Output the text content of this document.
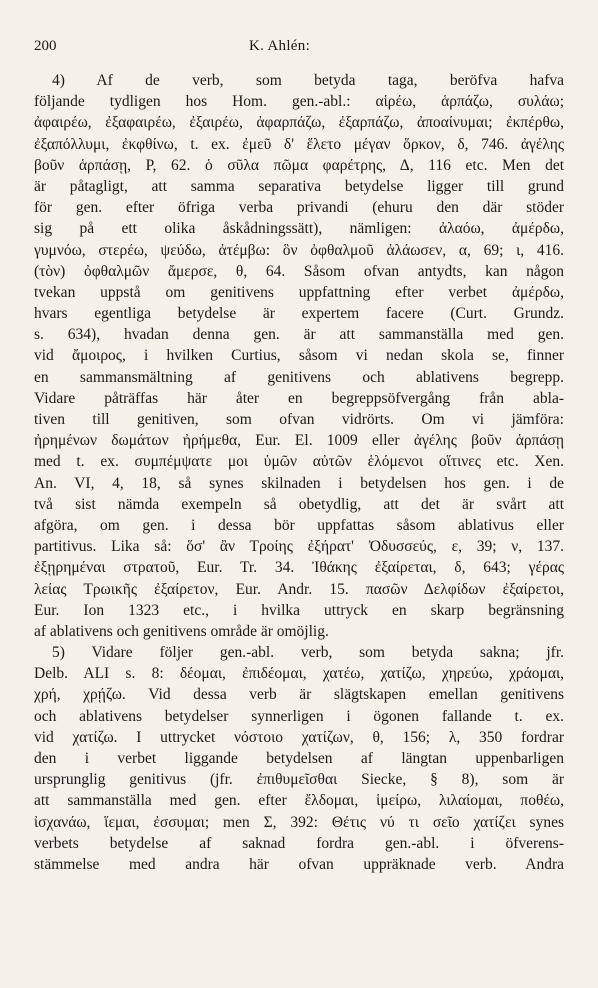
200	K. Ahlén:
4) Af de verb, som betyda taga, beröfva hafva
följande tydligen hos Hom. gen.-abl.: αἱρέω, ἁρπάζω, συλάω;
ἀφαιρέω, ἐξαφαιρέω, ἐξαιρέω, ἀφαρπάζω, ἐξαρπάζω, ἀποαίνυμαι; ἐκπέρθω,
ἐξαπόλλυμι, ἐκφθίνω, t. ex. ἐμεῦ δ' ἕλετο μέγαν ὅρκον, δ, 746. ἀγέλης
βοῦν ἁρπάσῃ, P, 62. ὁ σῦλα πῶμα φαρέτρης, Δ, 116 etc. Men det
är påtagligt, att samma separativa betydelse ligger till grund
för gen. efter öfriga verba privandi (ehuru den där stöder
sig på ett olika åskådningssätt), nämligen: ἀλαόω, ἀμέρδω,
γυμνόω, στερέω, ψεύδω, ἀτέμβω: ὃν ὀφθαλμοῦ ἀλάωσεν, α, 69; ι, 416.
(τὸν) ὀφθαλμῶν ἄμερσε, θ, 64. Såsom ofvan antydts, kan någon
tvekan uppstå om genitivens uppfattning efter verbet ἀμέρδω,
hvars egentliga betydelse är expertem facere (Curt. Grundz.
s. 634), hvadan denna gen. är att sammanställa med gen.
vid ἄμοιρος, i hvilken Curtius, såsom vi nedan skola se, finner
en sammansmältning af genitivens och ablativens begrepp.
Vidare påträffas här åter en begreppsöfvergång från abla-
tiven till genitiven, som ofvan vidrörts. Om vi jämföra:
ἠρημένων δωμάτων ἠρήμεθα, Eur. El. 1009 eller ἀγέλης βοῦν ἁρπάσῃ
med t. ex. συμπέμψατε μοι ὑμῶν αὐτῶν ἑλόμενοι οἵτινες etc. Xen.
An. VI, 4, 18, så synes skilnaden i betydelsen hos gen. i de
två sist nämda exempeln så obetydlig, att det är svårt att
afgöra, om gen. i dessa bör uppfattas såsom ablativus eller
partitivus. Lika så: ὅσ' ἂν Τροίης ἐξήρατ' Ὀδυσσεύς, ε, 39; ν, 137.
ἐξῃρημέναι στρατοῦ, Eur. Tr. 34. Ἰθάκης ἐξαίρεται, δ, 643; γέρας
λείας Τρωικῆς ἐξαίρετον, Eur. Andr. 15. πασῶν Δελφίδων ἐξαίρετοι,
Eur. Ion 1323 etc., i hvilka uttryck en skarp begränsning
af ablativens och genitivens område är omöjlig.
5) Vidare följer gen.-abl. verb, som betyda sakna; jfr.
Delb. ALI s. 8: δέομαι, ἐπιδέομαι, χατέω, χατίζω, χηρεύω, χράομαι,
χρή, χρῄζω. Vid dessa verb är slägtskapen emellan genitivens
och ablativens betydelser synnerligen i ögonen fallande t. ex.
vid χατίζω. I uttrycket νόστοιο χατίζων, θ, 156; λ, 350 fordrar
den i verbet liggande betydelsen af längtan uppenbarligen
ursprunglig genitivus (jfr. ἐπιθυμεῖσθαι Siecke, § 8), som är
att sammanställa med gen. efter ἔλδομαι, ἱμείρω, λιλαίομαι, ποθέω,
ἰσχανάω, ἵεμαι, ἐσσυμαι; men Σ, 392: Θέτις νύ τι σεῖο χατίζει synes
verbets betydelse af saknad fordra gen.-abl. i öfverens-
stämmelse med andra här ofvan uppräknade verb. Andra
